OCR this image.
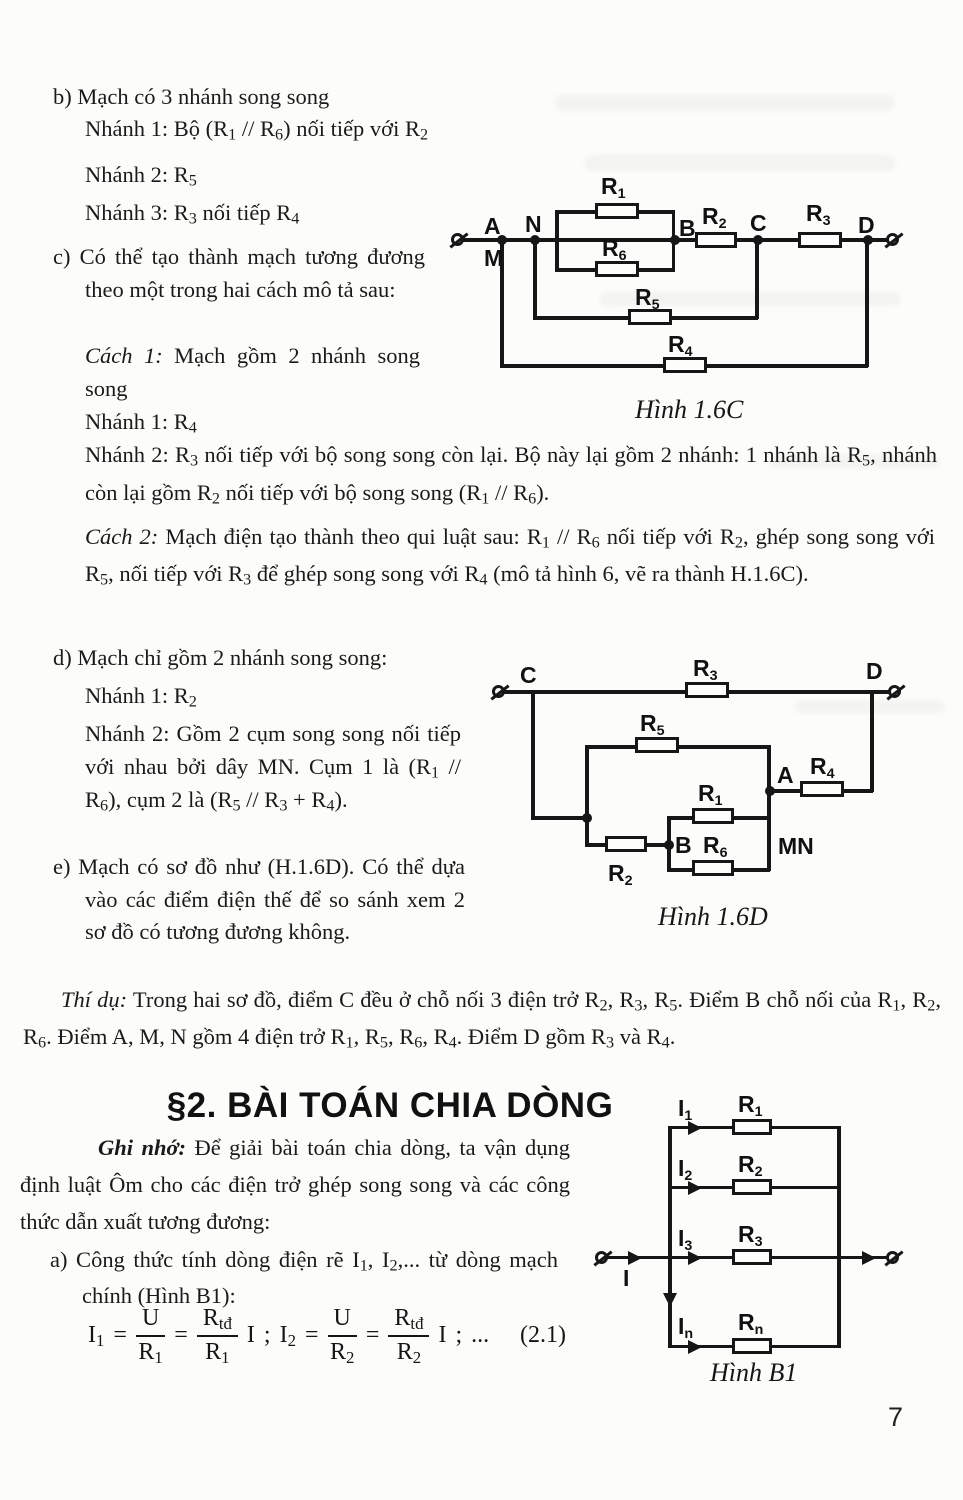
b) Mạch có 3 nhánh song song
Nhánh 1: Bộ $(R_1 // R_6)$ nối tiếp với $R_2$
Nhánh 2: $R_5$
Nhánh 3: $R_3$ nối tiếp $R_4$
c) Có thể tạo thành mạch tương đương theo một trong hai cách mô tả sau:
Cách 1: Mạch gồm 2 nhánh song song
Nhánh 1: $R_4$
Nhánh 2: $R_3$ nối tiếp với bộ song song còn lại. Bộ này lại gồm 2 nhánh: 1 nhánh là $R_5$, nhánh còn lại gồm $R_2$ nối tiếp với bộ song song $(R_1 // R_6)$.
Cách 2: Mạch điện tạo thành theo qui luật sau: $R_1 // R_6$ nối tiếp với $R_2$, ghép song song với $R_5$, nối tiếp với $R_3$ để ghép song song với $R_4$ (mô tả hình 6, vẽ ra thành H.1.6C).
d) Mạch chỉ gồm 2 nhánh song song:
Nhánh 1: $R_2$
Nhánh 2: Gồm 2 cụm song song nối tiếp với nhau bởi dây MN. Cụm 1 là $(R_1 // R_6)$, cụm 2 là $(R_5 // R_3 + R_4)$.
e) Mạch có sơ đồ như (H.1.6D). Có thể dựa vào các điểm điện thế để so sánh xem 2 sơ đồ có tương đương không.
Thí dụ: Trong hai sơ đồ, điểm C đều ở chỗ nối 3 điện trở $R_2$, $R_3$, $R_5$. Điểm B chỗ nối của $R_1$, $R_2$, $R_6$. Điểm A, M, N gồm 4 điện trở $R_1$, $R_5$, $R_6$, $R_4$. Điểm D gồm $R_3$ và $R_4$.
§2. BÀI TOÁN CHIA DÒNG
Ghi nhớ: Để giải bài toán chia dòng, ta vận dụng định luật Ôm cho các điện trở ghép song song và các công thức dẫn xuất tương đương:
a) Công thức tính dòng điện rẽ $I_1$, $I_2$,... từ dòng mạch chính (Hình B1):
$I_1 = \frac{U}{R_1} = \frac{R_{tđ}}{R_1}$ I ; $I_2 = \frac{U}{R_2} = \frac{R_{tđ}}{R_2}$ I ; ... (2.1)
A
M
N	B C	D
$R_1$
$R_6$
$R_2$	$R_3$
$R_5$
$R_4$
Hình 1.6C
C	D
$R_3$
$R_5$
A $R_4$
$R_1$
B $R_6$ MN
$R_2$
Hình 1.6D
$I_1$ $R_1$
$I_2$ $R_2$
$I_3$ $R_3$
$I_n$ $R_n$
I
Hình B1
7
